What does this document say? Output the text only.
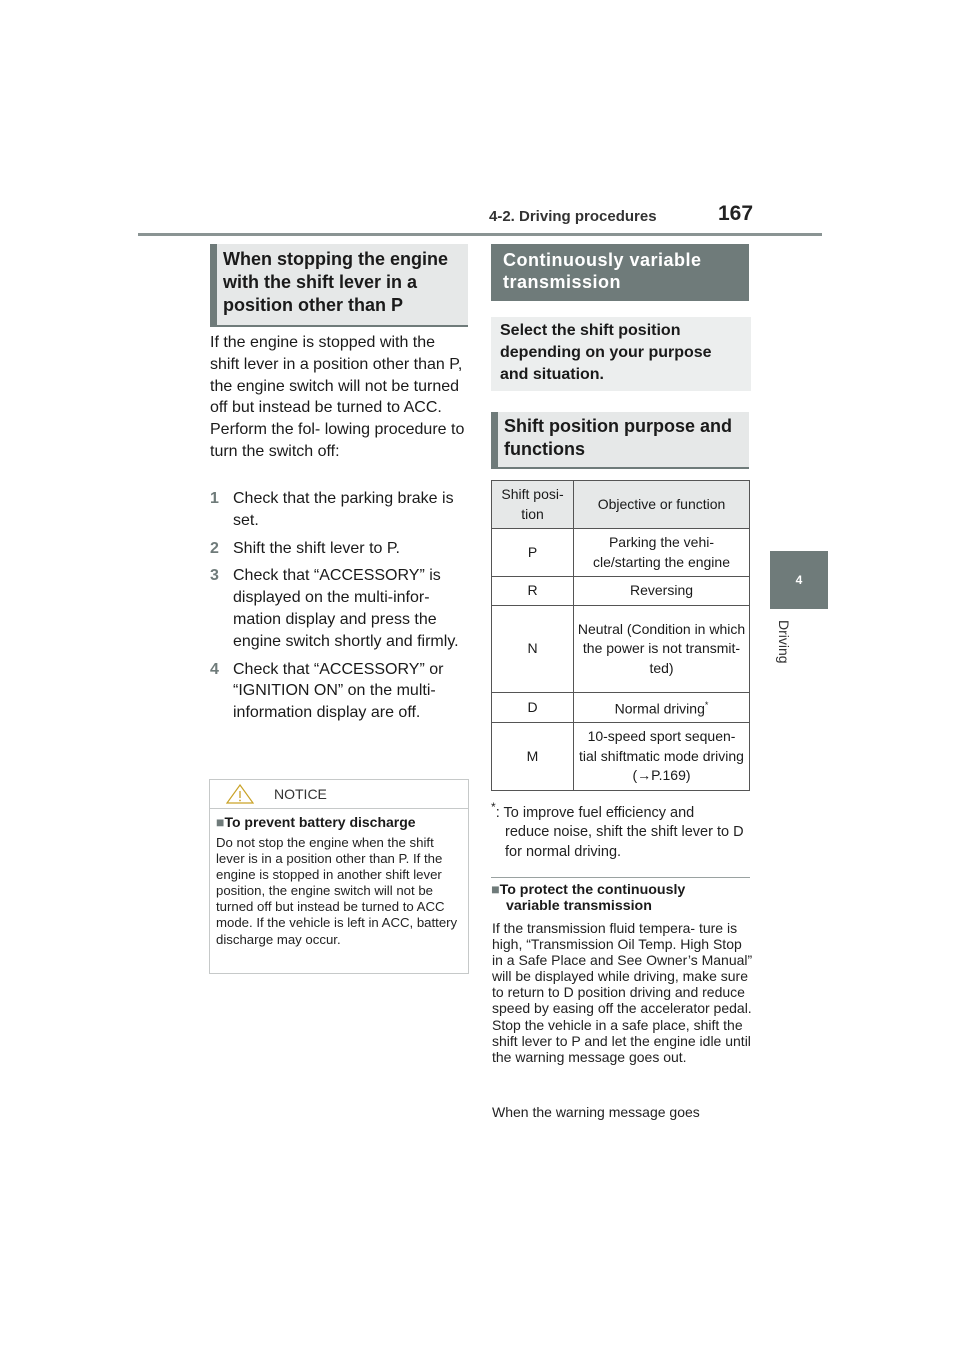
4-2. Driving procedures	167
4
Driving
When stopping the engine with the shift lever in a position other than P
If the engine is stopped with the shift lever in a position other than P, the engine switch will not be turned off but instead be turned to ACC. Perform the fol- lowing procedure to turn the switch off:
1 Check that the parking brake is set.
2 Shift the shift lever to P.
3 Check that “ACCESSORY” is displayed on the multi-infor- mation display and press the engine switch shortly and firmly.
4 Check that “ACCESSORY” or “IGNITION ON” on the multi-information display are off.
NOTICE
■To prevent battery discharge
Do not stop the engine when the shift lever is in a position other than P. If the engine is stopped in another shift lever position, the engine switch will not be turned off but instead be turned to ACC mode. If the vehicle is left in ACC, battery discharge may occur.
Continuously variable transmission
Select the shift position depending on your purpose and situation.
Shift position purpose and functions
Shift posi- tion	Objective or function
P	Parking the vehi- cle/starting the engine
R	Reversing
N	Neutral (Condition in which the power is not transmit- ted)
D	Normal driving*
M	10-speed sport sequen- tial shiftmatic mode driving (→P.169)
*: To improve fuel efficiency and
reduce noise, shift the shift lever to D for normal driving.
■To protect the continuously
variable transmission
If the transmission fluid tempera- ture is high, “Transmission Oil Temp. High Stop in a Safe Place and See Owner’s Manual” will be displayed while driving, make sure to return to D position driving and reduce speed by easing off the accelerator pedal. Stop the vehicle in a safe place, shift the shift lever to P and let the engine idle until the warning message goes out.
When the warning message goes
